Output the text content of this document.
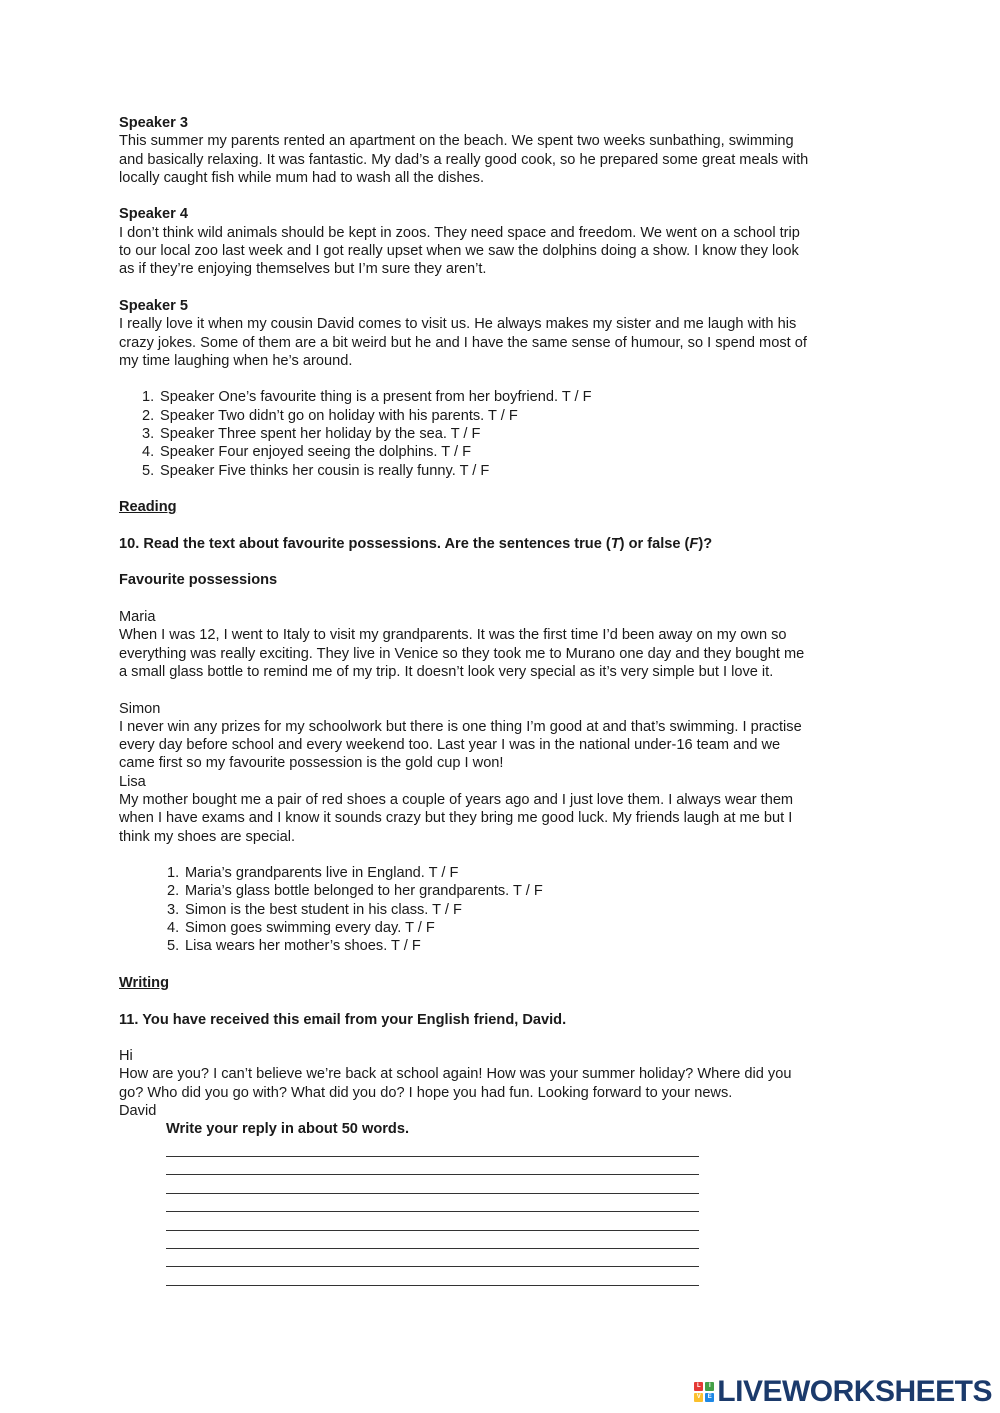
Speaker 3

This summer my parents rented an apartment on the beach. We spent two weeks sunbathing, swimming

and basically relaxing. It was fantastic. My dad’s a really good cook, so he prepared some great meals with

locally caught fish while mum had to wash all the dishes.

Speaker 4

I don’t think wild animals should be kept in zoos. They need space and freedom. We went on a school trip

to our local zoo last week and I got really upset when we saw the dolphins doing a show. I know they look

as if they’re enjoying themselves but I’m sure they aren’t.

Speaker 5

I really love it when my cousin David comes to visit us. He always makes my sister and me laugh with his

crazy jokes. Some of them are a bit weird but he and I have the same sense of humour, so I spend most of

my time laughing when he’s around.

1. Speaker One’s favourite thing is a present from her boyfriend. T / F
2. Speaker Two didn’t go on holiday with his parents. T / F
3. Speaker Three spent her holiday by the sea. T / F
4. Speaker Four enjoyed seeing the dolphins. T / F
5. Speaker Five thinks her cousin is really funny. T / F

Reading

10. Read the text about favourite possessions. Are the sentences true (T) or false (F)?

Favourite possessions

Maria

When I was 12, I went to Italy to visit my grandparents. It was the first time I’d been away on my own so

everything was really exciting. They live in Venice so they took me to Murano one day and they bought me

a small glass bottle to remind me of my trip. It doesn’t look very special as it’s very simple but I love it.

Simon

I never win any prizes for my schoolwork but there is one thing I’m good at and that’s swimming. I practise

every day before school and every weekend too. Last year I was in the national under-16 team and we

came first so my favourite possession is the gold cup I won!

Lisa

My mother bought me a pair of red shoes a couple of years ago and I just love them. I always wear them

when I have exams and I know it sounds crazy but they bring me good luck. My friends laugh at me but I

think my shoes are special.

1. Maria’s grandparents live in England. T / F
2. Maria’s glass bottle belonged to her grandparents. T / F
3. Simon is the best student in his class. T / F
4. Simon goes swimming every day. T / F
5. Lisa wears her mother’s shoes. T / F

Writing

11. You have received this email from your English friend, David.

Hi

How are you? I can’t believe we’re back at school again! How was your summer holiday? Where did you

go? Who did you go with? What did you do? I hope you had fun. Looking forward to your news.

David

Write your reply in about 50 words.

L	I
V	E LIVEWORKSHEETS
